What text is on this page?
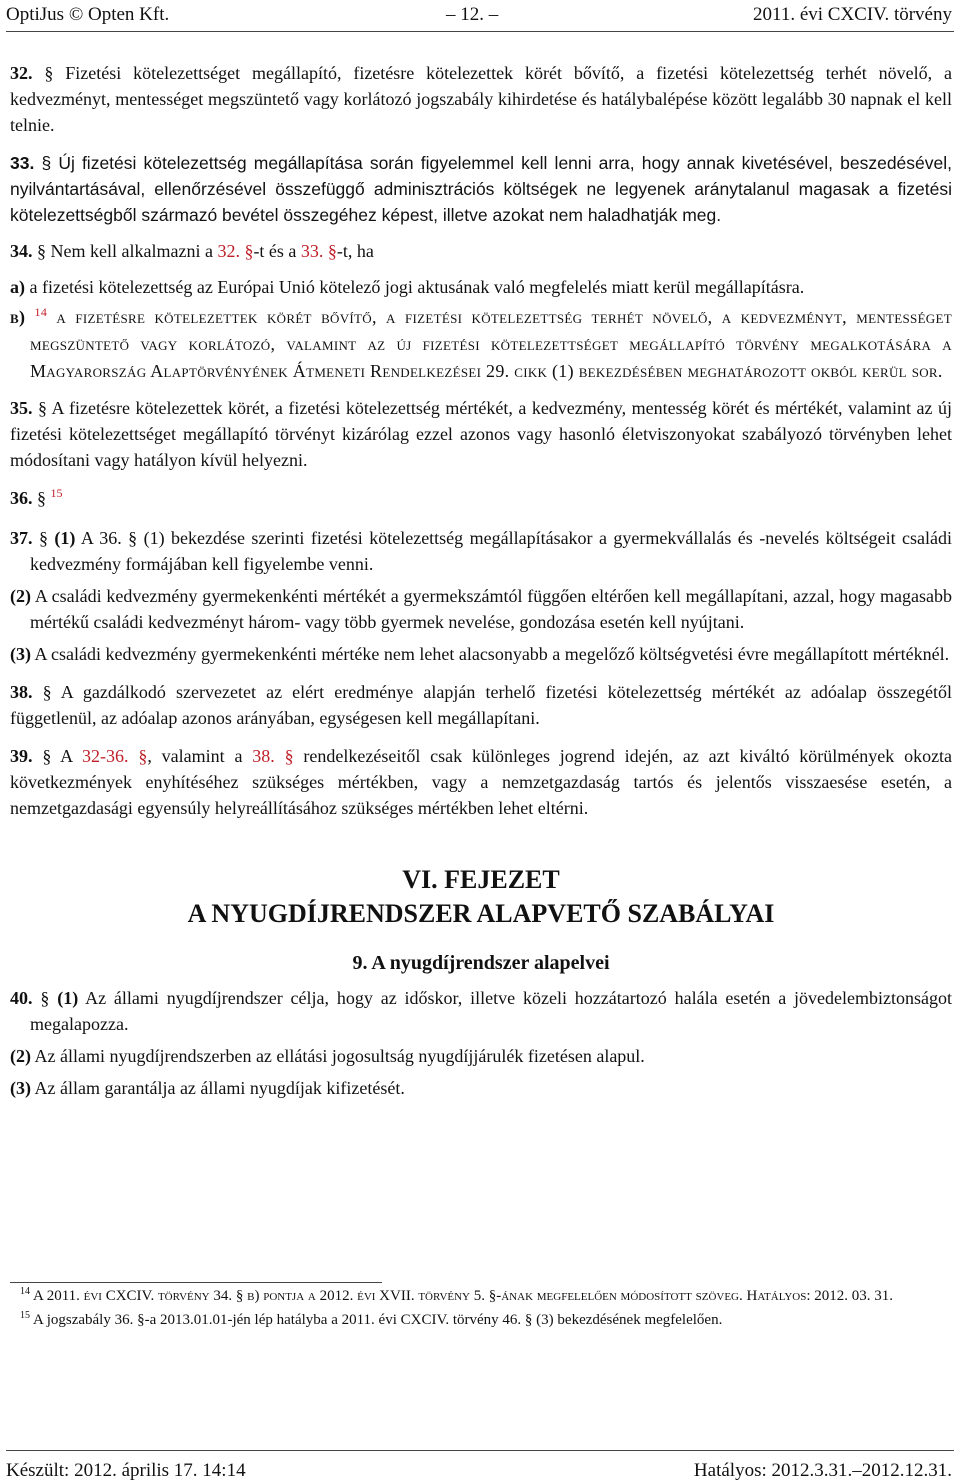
OptiJus © Opten Kft.	– 12. –	2011. évi CXCIV. törvény

32. § Fizetési kötelezettséget megállapító, fizetésre kötelezettek körét bővítő, a fizetési kötelezettség terhét növelő, a kedvezményt, mentességet megszüntető vagy korlátozó jogszabály kihirdetése és hatálybalépése között legalább 30 napnak el kell telnie.

33. § Új fizetési kötelezettség megállapítása során figyelemmel kell lenni arra, hogy annak kivetésével, beszedésével, nyilvántartásával, ellenőrzésével összefüggő adminisztrációs költségek ne legyenek aránytalanul magasak a fizetési kötelezettségből származó bevétel összegéhez képest, illetve azokat nem haladhatják meg.

34. § Nem kell alkalmazni a 32. §-t és a 33. §-t, ha

a) a fizetési kötelezettség az Európai Unió kötelező jogi aktusának való megfelelés miatt kerül megállapításra.

b) $^{14}$ a fizetésre kötelezettek körét bővítő, a fizetési kötelezettség terhét növelő, a kedvezményt, mentességet megszüntető vagy korlátozó, valamint az új fizetési kötelezettséget megállapító törvény megalkotására a Magyarország Alaptörvényének Átmeneti Rendelkezései 29. cikk (1) bekezdésében meghatározott okból kerül sor.

35. § A fizetésre kötelezettek körét, a fizetési kötelezettség mértékét, a kedvezmény, mentesség körét és mértékét, valamint az új fizetési kötelezettséget megállapító törvényt kizárólag ezzel azonos vagy hasonló életviszonyokat szabályozó törvényben lehet módosítani vagy hatályon kívül helyezni.

36. § $^{15}$

37. § (1) A 36. § (1) bekezdése szerinti fizetési kötelezettség megállapításakor a gyermekvállalás és -nevelés költségeit családi kedvezmény formájában kell figyelembe venni.

(2) A családi kedvezmény gyermekenkénti mértékét a gyermekszámtól függően eltérően kell megállapítani, azzal, hogy magasabb mértékű családi kedvezményt három- vagy több gyermek nevelése, gondozása esetén kell nyújtani.

(3) A családi kedvezmény gyermekenkénti mértéke nem lehet alacsonyabb a megelőző költségvetési évre megállapított mértéknél.

38. § A gazdálkodó szervezetet az elért eredménye alapján terhelő fizetési kötelezettség mértékét az adóalap összegétől függetlenül, az adóalap azonos arányában, egységesen kell megállapítani.

39. § A 32-36. §, valamint a 38. § rendelkezéseitől csak különleges jogrend idején, az azt kiváltó körülmények okozta következmények enyhítéséhez szükséges mértékben, vagy a nemzetgazdaság tartós és jelentős visszaesése esetén, a nemzetgazdasági egyensúly helyreállításához szükséges mértékben lehet eltérni.

VI. FEJEZET
A NYUGDÍJRENDSZER ALAPVETŐ SZABÁLYAI
9. A nyugdíjrendszer alapelvei

40. § (1) Az állami nyugdíjrendszer célja, hogy az időskor, illetve közeli hozzátartozó halála esetén a jövedelembiztonságot megalapozza.

(2) Az állami nyugdíjrendszerben az ellátási jogosultság nyugdíjjárulék fizetésen alapul.

(3) Az állam garantálja az állami nyugdíjak kifizetését.

$^{14}$ A 2011. évi CXCIV. törvény 34. § b) pontja a 2012. évi XVII. törvény 5. §-ának megfelelően módosított szöveg. Hatályos: 2012. 03. 31.

$^{15}$ A jogszabály 36. §-a 2013.01.01-jén lép hatályba a 2011. évi CXCIV. törvény 46. § (3) bekezdésének megfelelően.

Készült: 2012. április 17. 14:14	Hatályos: 2012.3.31.–2012.12.31.
